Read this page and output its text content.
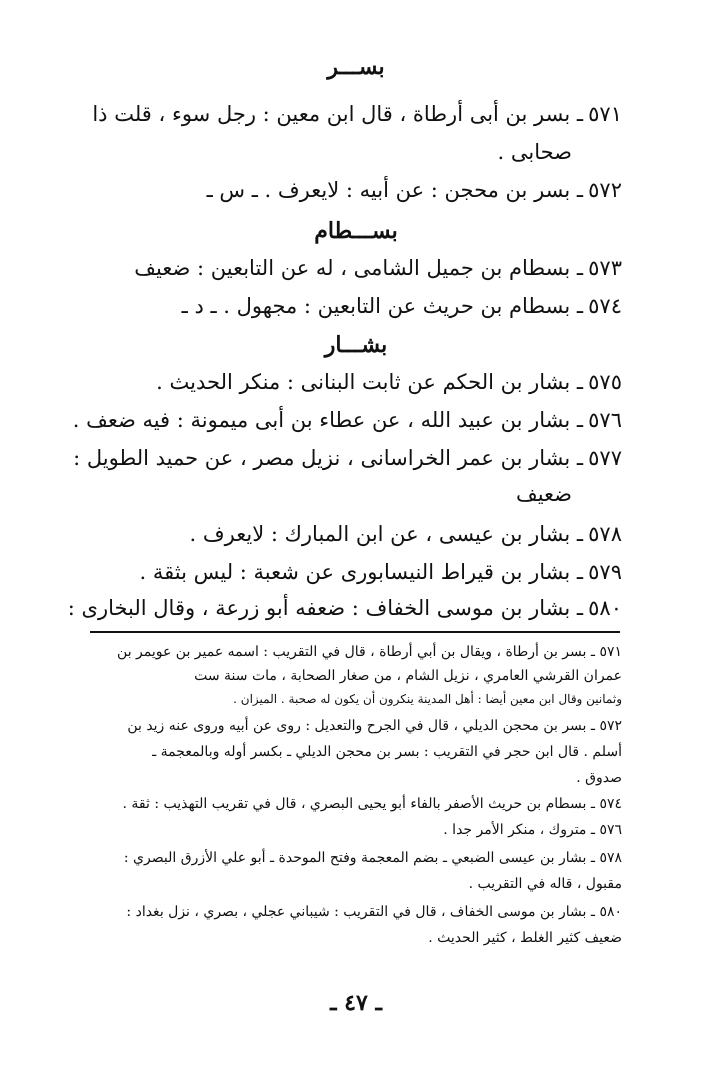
بســـر
٥٧١ ـ بسر بن أبى أرطاة ، قال ابن معين : رجل سوء ، قلت ذا
صحابى .
٥٧٢ ـ بسر بن محجن : عن أبيه : لايعرف . ـ س ـ
بســـطام
٥٧٣ ـ بسطام بن جميل الشامى ، له عن التابعين : ضعيف
٥٧٤ ـ بسطام بن حريث عن التابعين : مجهول . ـ د ـ
بشـــار
٥٧٥ ـ بشار بن الحكم عن ثابت البنانى : منكر الحديث .
٥٧٦ ـ بشار بن عبيد الله ، عن عطاء بن أبى ميمونة : فيه ضعف .
٥٧٧ ـ بشار بن عمر الخراسانى ، نزيل مصر ، عن حميد الطويل :
ضعيف
٥٧٨ ـ بشار بن عيسى ، عن ابن المبارك : لايعرف .
٥٧٩ ـ بشار بن قيراط النيسابورى عن شعبة : ليس بثقة .
٥٨٠ ـ بشار بن موسى الخفاف : ضعفه أبو زرعة ، وقال البخارى :
٥٧١ ـ بسر بن أرطاة ، ويقال بن أبي أرطاة ، قال في التقريب : اسمه عمير بن عويمر بن
عمران القرشي العامري ، نزيل الشام ، من صغار الصحابة ، مات سنة ست
وثمانين وقال ابن معين أيضا : أهل المدينة ينكرون أن يكون له صحبة . الميزان .
٥٧٢ ـ بسر بن محجن الديلي ، قال في الجرح والتعديل : روى عن أبيه وروى عنه زيد بن
أسلم . قال ابن حجر في التقريب : بسر بن محجن الديلي ـ بكسر أوله وبالمعجمة ـ
صدوق .
٥٧٤ ـ بسطام بن حريث الأصفر بالفاء أبو يحيى البصري ، قال في تقريب التهذيب : ثقة .
٥٧٦ ـ متروك ، منكر الأمر جدا .
٥٧٨ ـ بشار بن عيسى الضبعي ـ بضم المعجمة وفتح الموحدة ـ أبو علي الأزرق البصري :
مقبول ، قاله في التقريب .
٥٨٠ ـ بشار بن موسى الخفاف ، قال في التقريب : شيباني عجلي ، بصري ، نزل بغداد :
ضعيف كثير الغلط ، كثير الحديث .
ـ ٤٧ ـ
